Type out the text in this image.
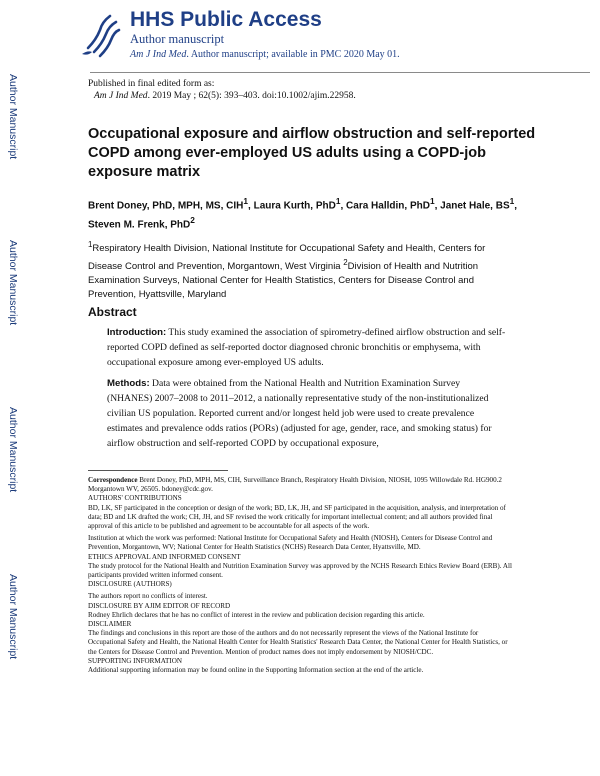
Author Manuscript
Author Manuscript
Author Manuscript
Author Manuscript
HHS Public Access
Author manuscript
Am J Ind Med. Author manuscript; available in PMC 2020 May 01.
Published in final edited form as:
Am J Ind Med. 2019 May ; 62(5): 393–403. doi:10.1002/ajim.22958.
Occupational exposure and airflow obstruction and self-reported COPD among ever-employed US adults using a COPD-job exposure matrix
Brent Doney, PhD, MPH, MS, CIH$^1$, Laura Kurth, PhD$^1$, Cara Halldin, PhD$^1$, Janet Hale, $BS^1$, Steven M. Frenk, PhD$^2$
$^1$Respiratory Health Division, National Institute for Occupational Safety and Health, Centers for Disease Control and Prevention, Morgantown, West Virginia $^2$Division of Health and Nutrition Examination Surveys, National Center for Health Statistics, Centers for Disease Control and Prevention, Hyattsville, Maryland
Abstract
Introduction: This study examined the association of spirometry-defined airflow obstruction and self-reported COPD defined as self-reported doctor diagnosed chronic bronchitis or emphysema, with occupational exposure among ever-employed US adults.
Methods: Data were obtained from the National Health and Nutrition Examination Survey (NHANES) 2007–2008 to 2011–2012, a nationally representative study of the non-institutionalized civilian US population. Reported current and/or longest held job were used to create prevalence estimates and prevalence odds ratios (PORs) (adjusted for age, gender, race, and smoking status) for airflow obstruction and self-reported COPD by occupational exposure,
Correspondence Brent Doney, PhD, MPH, MS, CIH, Surveillance Branch, Respiratory Health Division, NIOSH, 1095 Willowdale Rd. HG900.2 Morgantown WV, 26505. bdoney@cdc.gov.
AUTHORS' CONTRIBUTIONS
BD, LK, SF participated in the conception or design of the work; BD, LK, JH, and SF participated in the acquisition, analysis, and interpretation of data; BD and LK drafted the work; CH, JH, and SF revised the work critically for important intellectual content; and all authors provided final approval of this article to be published and agreement to be accountable for all aspects of the work.
Institution at which the work was performed: National Institute for Occupational Safety and Health (NIOSH), Centers for Disease Control and Prevention, Morgantown, WV; National Center for Health Statistics (NCHS) Research Data Center, Hyattsville, MD.
ETHICS APPROVAL AND INFORMED CONSENT
The study protocol for the National Health and Nutrition Examination Survey was approved by the NCHS Research Ethics Review Board (ERB). All participants provided written informed consent.
DISCLOSURE (AUTHORS)
The authors report no conflicts of interest.
DISCLOSURE BY AJIM EDITOR OF RECORD
Rodney Ehrlich declares that he has no conflict of interest in the review and publication decision regarding this article.
DISCLAIMER
The findings and conclusions in this report are those of the authors and do not necessarily represent the views of the National Institute for Occupational Safety and Health, the National Health Center for Health Statistics' Research Data Center, the National Center for Health Statistics, or the Centers for Disease Control and Prevention. Mention of product names does not imply endorsement by NIOSH/CDC.
SUPPORTING INFORMATION
Additional supporting information may be found online in the Supporting Information section at the end of the article.
